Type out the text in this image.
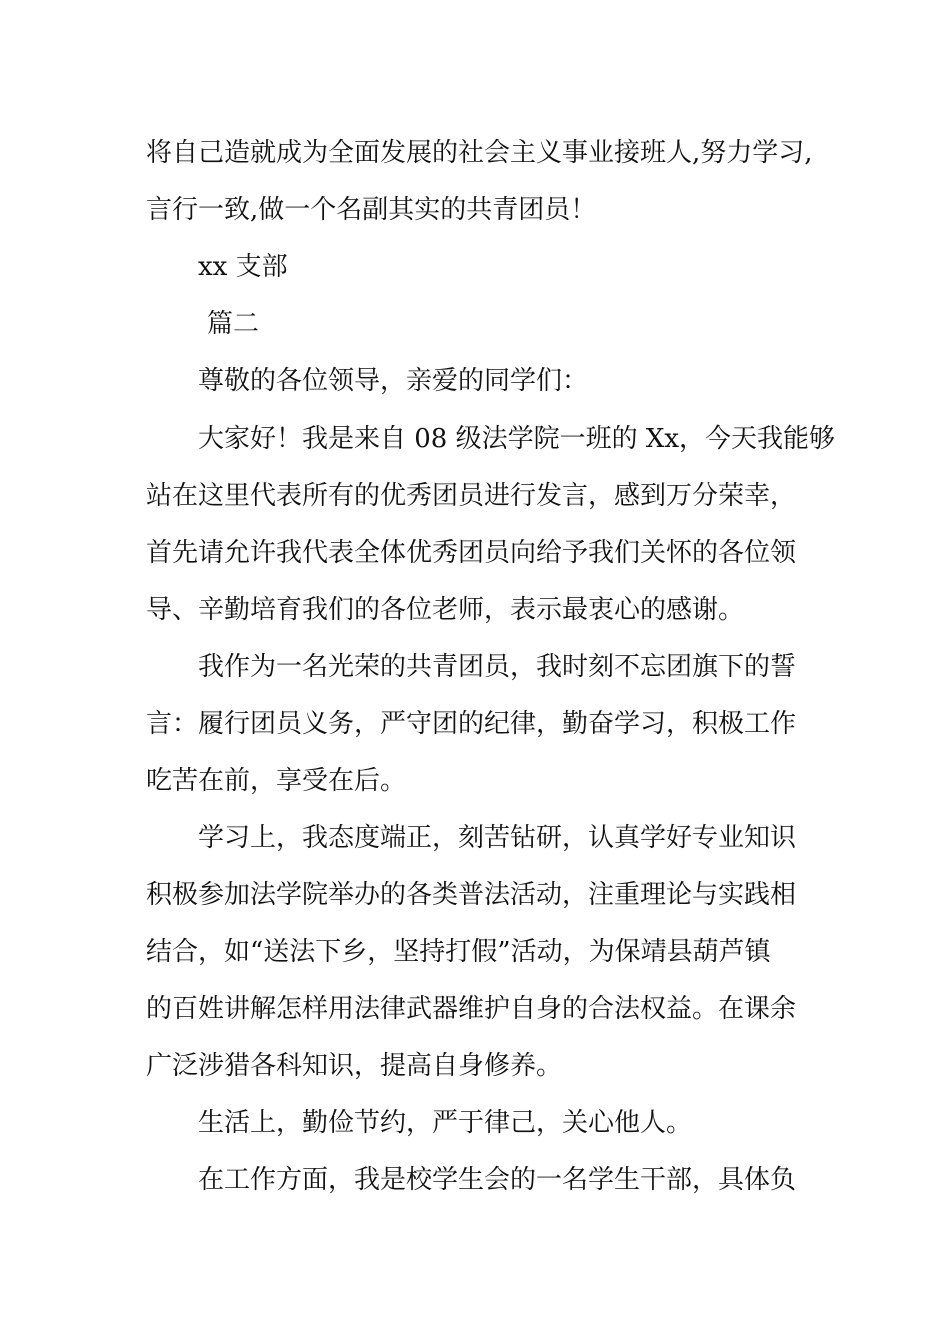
将自己造就成为全面发展的社会主义事业接班人,努力学习,
言行一致,做一个名副其实的共青团员！
xx 支部
篇二
尊敬的各位领导，亲爱的同学们：
大家好！我是来自 08 级法学院一班的 Xx，今天我能够
站在这里代表所有的优秀团员进行发言，感到万分荣幸，
首先请允许我代表全体优秀团员向给予我们关怀的各位领
导、辛勤培育我们的各位老师，表示最衷心的感谢。
我作为一名光荣的共青团员，我时刻不忘团旗下的誓
言：履行团员义务，严守团的纪律，勤奋学习，积极工作
吃苦在前，享受在后。
学习上，我态度端正，刻苦钻研，认真学好专业知识
积极参加法学院举办的各类普法活动，注重理论与实践相
结合，如“送法下乡，坚持打假”活动，为保靖县葫芦镇
的百姓讲解怎样用法律武器维护自身的合法权益。在课余
广泛涉猎各科知识，提高自身修养。
生活上，勤俭节约，严于律己，关心他人。
在工作方面，我是校学生会的一名学生干部，具体负
